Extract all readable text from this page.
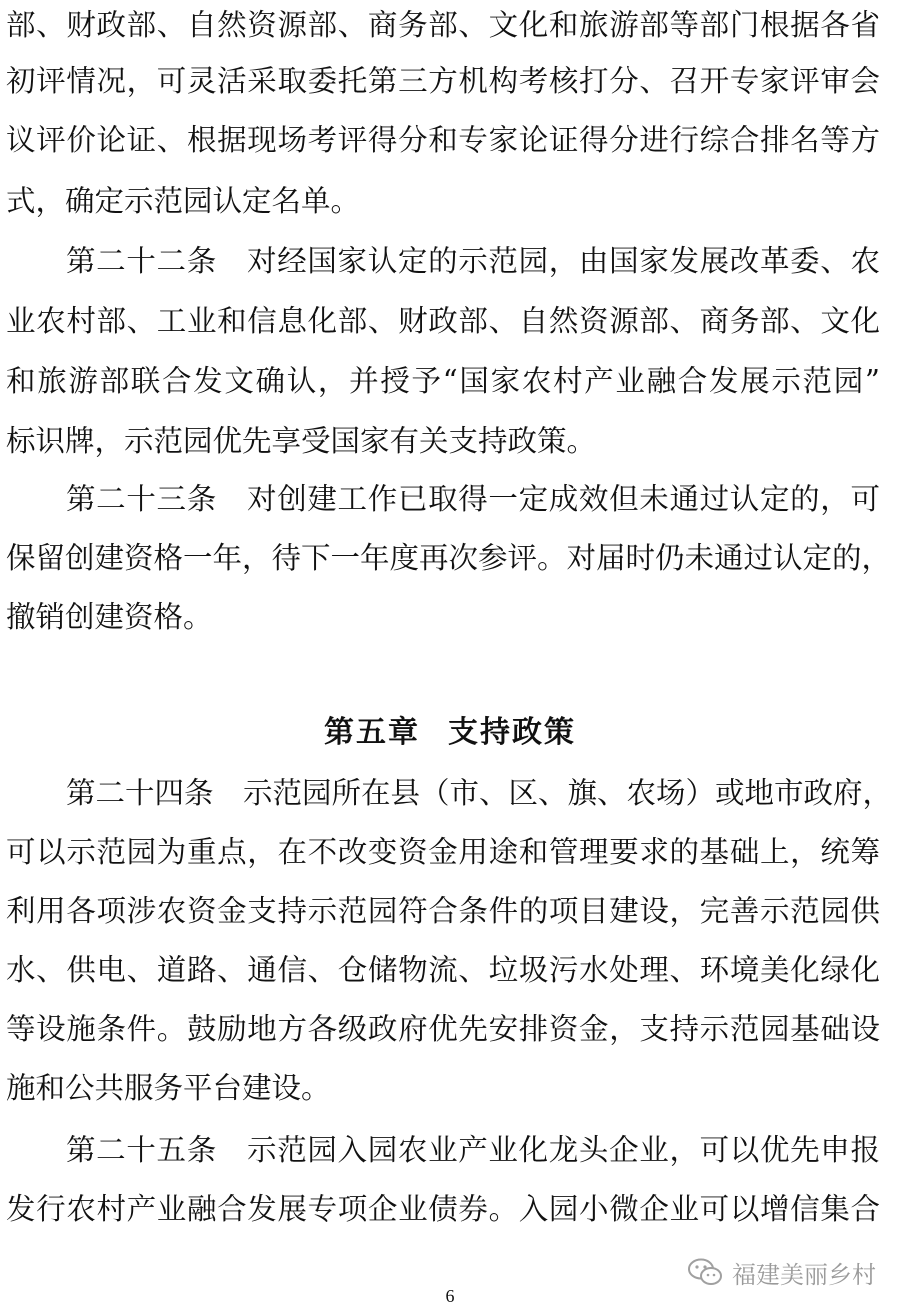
部、财政部、自然资源部、商务部、文化和旅游部等部门根据各省
初评情况，可灵活采取委托第三方机构考核打分、召开专家评审会
议评价论证、根据现场考评得分和专家论证得分进行综合排名等方
式，确定示范园认定名单。
第二十二条　对经国家认定的示范园，由国家发展改革委、农
业农村部、工业和信息化部、财政部、自然资源部、商务部、文化
和旅游部联合发文确认，并授予“国家农村产业融合发展示范园”
标识牌，示范园优先享受国家有关支持政策。
第二十三条　对创建工作已取得一定成效但未通过认定的，可
保留创建资格一年，待下一年度再次参评。对届时仍未通过认定的，
撤销创建资格。
第五章 支持政策
第二十四条　示范园所在县（市、区、旗、农场）或地市政府，
可以示范园为重点，在不改变资金用途和管理要求的基础上，统筹
利用各项涉农资金支持示范园符合条件的项目建设，完善示范园供
水、供电、道路、通信、仓储物流、垃圾污水处理、环境美化绿化
等设施条件。鼓励地方各级政府优先安排资金，支持示范园基础设
施和公共服务平台建设。
第二十五条　示范园入园农业产业化龙头企业，可以优先申报
发行农村产业融合发展专项企业债券。入园小微企业可以增信集合
福建美丽乡村
6
